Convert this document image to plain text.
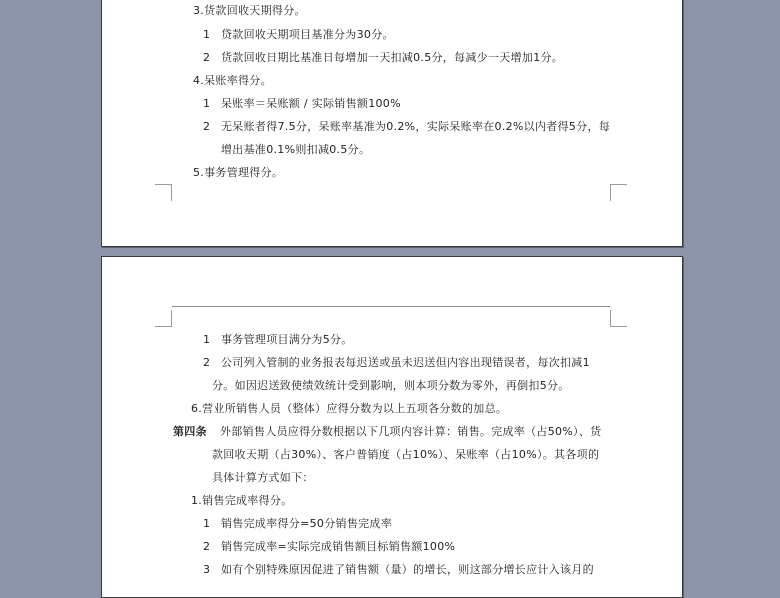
3.货款回收天期得分。
1 贷款回收天期项目基准分为30分。
2 货款回收日期比基准日每增加一天扣减0.5分，每减少一天增加1分。
4.呆账率得分。
1 呆账率＝呆账额 / 实际销售额100%
2 无呆账者得7.5分，呆账率基准为0.2%，实际呆账率在0.2%以内者得5分，每
增出基准0.1%则扣减0.5分。
5.事务管理得分。
1 事务管理项目满分为5分。
2 公司列入管制的业务报表每迟送或虽未迟送但内容出现错误者，每次扣减1
分。如因迟送致使绩效统计受到影响，则本项分数为零外，再倒扣5分。
6.营业所销售人员（整体）应得分数为以上五项各分数的加总。
第四条 外部销售人员应得分数根据以下几项内容计算：销售。完成率（占50%）、货
款回收天期（占30%）、客户普销度（占10%）、呆账率（占10%）。其各项的
具体计算方式如下：
1.销售完成率得分。
1 销售完成率得分=50分销售完成率
2 销售完成率=实际完成销售额目标销售额100%
3 如有个别特殊原因促进了销售额（量）的增长，则这部分增长应计入该月的
